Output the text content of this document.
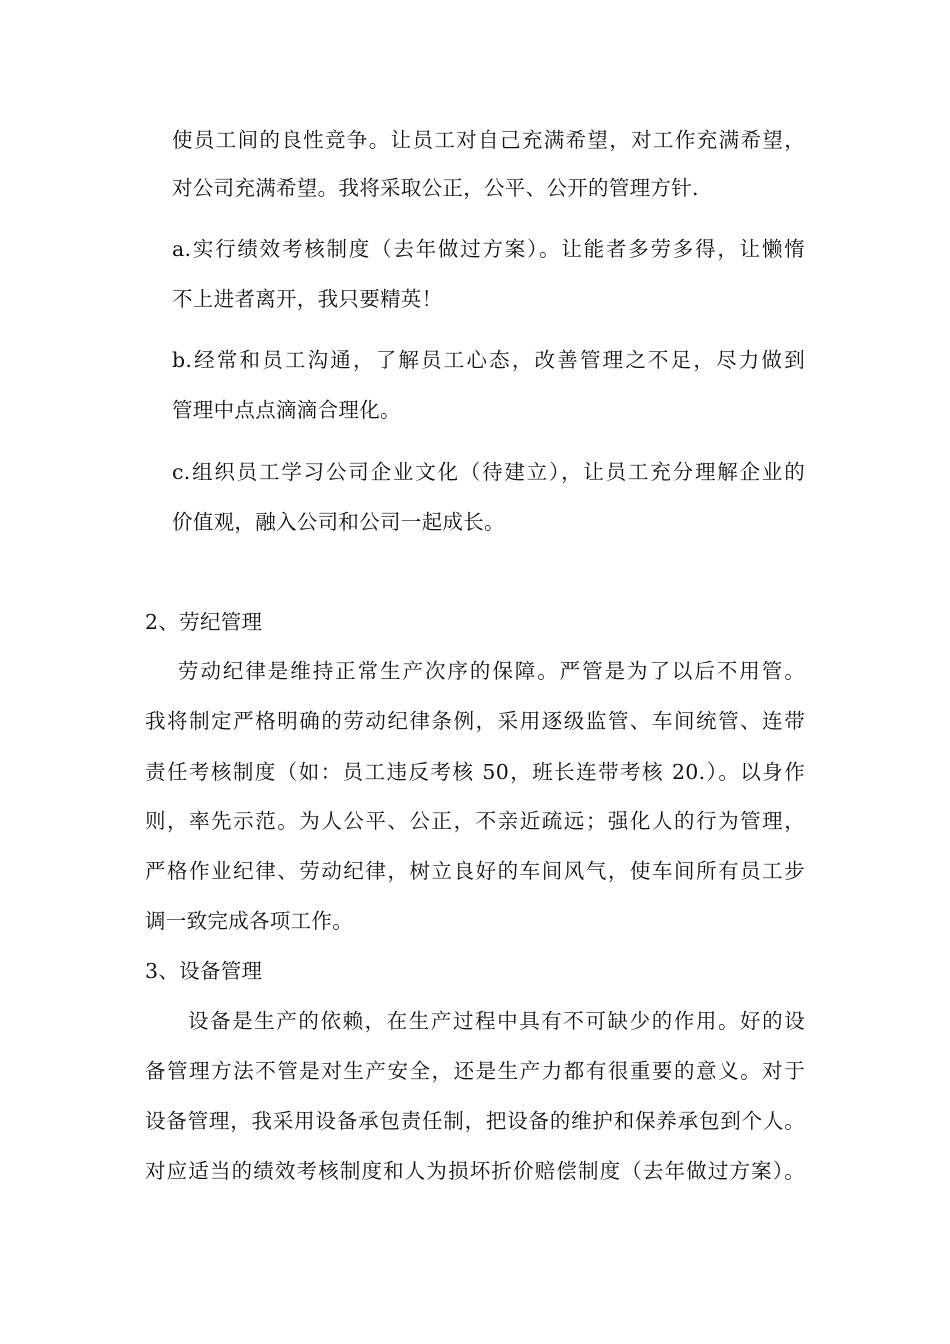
使员工间的良性竞争。让员工对自己充满希望，对工作充满希望，
对公司充满希望。我将采取公正，公平、公开的管理方针.
a.实行绩效考核制度（去年做过方案）。让能者多劳多得，让懒惰
不上进者离开，我只要精英！
b.经常和员工沟通，了解员工心态，改善管理之不足，尽力做到
管理中点点滴滴合理化。
c.组织员工学习公司企业文化（待建立），让员工充分理解企业的
价值观，融入公司和公司一起成长。
2、劳纪管理
劳动纪律是维持正常生产次序的保障。严管是为了以后不用管。
我将制定严格明确的劳动纪律条例，采用逐级监管、车间统管、连带
责任考核制度（如：员工违反考核 50，班长连带考核 20.）。以身作
则，率先示范。为人公平、公正，不亲近疏远；强化人的行为管理，
严格作业纪律、劳动纪律，树立良好的车间风气，使车间所有员工步
调一致完成各项工作。
3、设备管理
设备是生产的依赖，在生产过程中具有不可缺少的作用。好的设
备管理方法不管是对生产安全，还是生产力都有很重要的意义。对于
设备管理，我采用设备承包责任制，把设备的维护和保养承包到个人。
对应适当的绩效考核制度和人为损坏折价赔偿制度（去年做过方案）。
